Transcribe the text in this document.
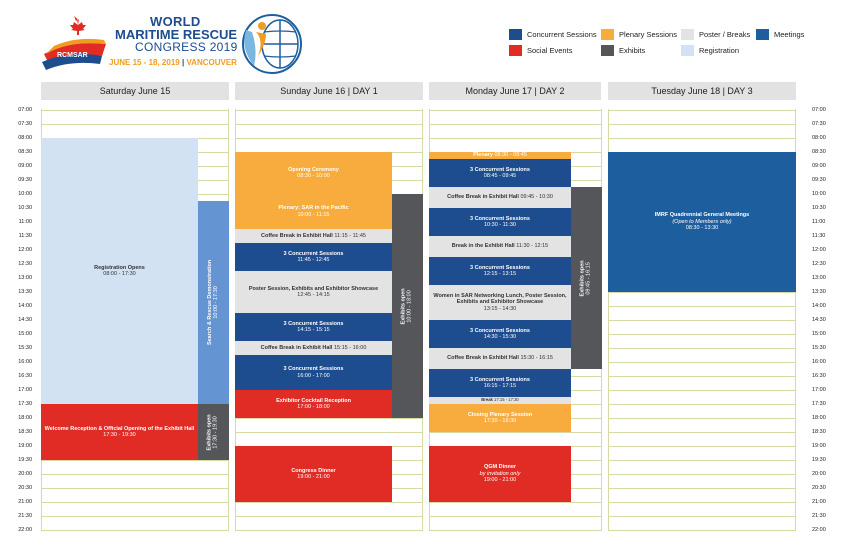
WORLD
MARITIME RESCUE
CONGRESS 2019
JUNE 15 - 18, 2019 | VANCOUVER
RCMSAR
Saturday June 15	Sunday June 16 | DAY 1	Monday June 17 | DAY 2	Tuesday June 18 | DAY 3
Concurrent Sessions	Plenary Sessions	Poster / Breaks	Meetings
Social Events	Exhibits	Registration
07:00	07:00
07:30	07:30
08:00	08:00
08:30	08:30
09:00	09:00
09:30	09:30
10:00	10:00
10:30	10:30
11:00	11:00
11:30	11:30
12:00	12:00
12:30	12:30
13:00	13:00
13:30	13:30
14:00	14:00
14:30	14:30
15:00	15:00
15:30	15:30
16:00	16:00
16:30	16:30
17:00	17:00
17:30	17:30
18:00	18:00
18:30	18:30
19:00	19:00
19:30	19:30
20:00	20:00
20:30	20:30
21:00	21:00
21:30	21:30
22:00	22:00
Registration Opens
08:00 - 17:30
Welcome Reception & Official Opening of the Exhibit Hall
17:30 - 19:30
Opening Ceremony
08:30 - 10:00
Plenary: SAR in the Pacific
10:00 - 11:15
Coffee Break in Exhibit Hall 11:15 - 11:45
3 Concurrent Sessions
11:45 - 12:45
Poster Session, Exhibits and Exhibitor Showcase
12:45 - 14:15
3 Concurrent Sessions
14:15 - 15:15
Coffee Break in Exhibit Hall 15:15 - 16:00
3 Concurrent Sessions
16:00 - 17:00
Exhibitor Cocktail Reception
17:00 - 18:00
Congress Dinner
19:00 - 21:00
Plenary 08:30 - 08:45
3 Concurrent Sessions
08:45 - 09:45
Coffee Break in Exhibit Hall 09:45 - 10:30
3 Concurrent Sessions
10:30 - 11:30
Break in the Exhibit Hall 11:30 - 12:15
3 Concurrent Sessions
12:15 - 13:15
Women in SAR Networking Lunch, Poster Session, Exhibits and Exhibitor Showcase
13:15 - 14:30
3 Concurrent Sessions
14:30 - 15:30
Coffee Break in Exhibit Hall 15:30 - 16:15
3 Concurrent Sessions
16:15 - 17:15
Break 17:15 - 17:30
Closing Plenary Session
17:30 - 18:30
QGM Dinner
by invitation only
19:00 - 21:00
IMRF Quadrennial General Meetings
(Open to Members only)
08:30 - 13:30
Search & Rescue Demonstration 10:00 - 17:30
Exhibits open 17:30 - 19:30
Exhibits open 10:00 - 18:00
Exhibits open 09:45 - 16:15
